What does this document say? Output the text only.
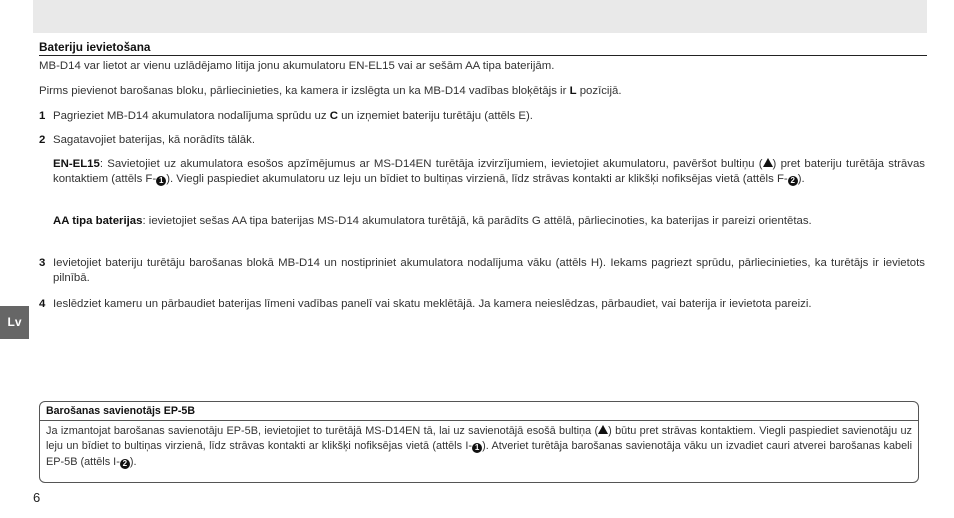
Bateriju ievietošana

MB-D14 var lietot ar vienu uzlādējamo litija jonu akumulatoru EN-EL15 vai ar sešām AA tipa baterijām.

Pirms pievienot barošanas bloku, pārliecinieties, ka kamera ir izslēgta un ka MB-D14 vadības bloķētājs ir L pozīcijā.

1 Pagrieziet MB-D14 akumulatora nodalījuma sprūdu uz C un izņemiet bateriju turētāju (attēls E).

2 Sagatavojiet baterijas, kā norādīts tālāk.

EN-EL15: Savietojiet uz akumulatora esošos apzīmējumus ar MS-D14EN turētāja izvirzījumiem, ievietojiet akumulatoru, pavēršot bultiņu ( ) pret bateriju turētāja strāvas kontaktiem (attēls F- 1 ). Viegli paspiediet akumulatoru uz leju un bīdiet to bultiņas virzienā, līdz strāvas kontakti ar klikšķi nofiksējas vietā (attēls F- 2 ).

AA tipa baterijas: ievietojiet sešas AA tipa baterijas MS-D14 akumulatora turētājā, kā parādīts G attēlā, pārliecinoties, ka baterijas ir pareizi orientētas.

3 Ievietojiet bateriju turētāju barošanas blokā MB-D14 un nostipriniet akumulatora nodalījuma vāku (attēls H). Iekams pagriezt sprūdu, pārliecinieties, ka turētājs ir ievietots pilnībā.

4 Ieslēdziet kameru un pārbaudiet baterijas līmeni vadības panelī vai skatu meklētājā. Ja kamera neieslēdzas, pārbaudiet, vai baterija ir ievietota pareizi.

Lv
Barošanas savienotājs EP-5B

Ja izmantojat barošanas savienotāju EP-5B, ievietojiet to turētājā MS-D14EN tā, lai uz savienotājā esošā bultiņa ( ) būtu pret strāvas kontaktiem. Viegli paspiediet savienotāju uz leju un bīdiet to bultiņas virzienā, līdz strāvas kontakti ar klikšķi nofiksējas vietā (attēls I- 1 ). Atveriet turētāja barošanas savienotāja vāku un izvadiet cauri atverei barošanas kabeli EP-5B (attēls I- 2 ).

6
